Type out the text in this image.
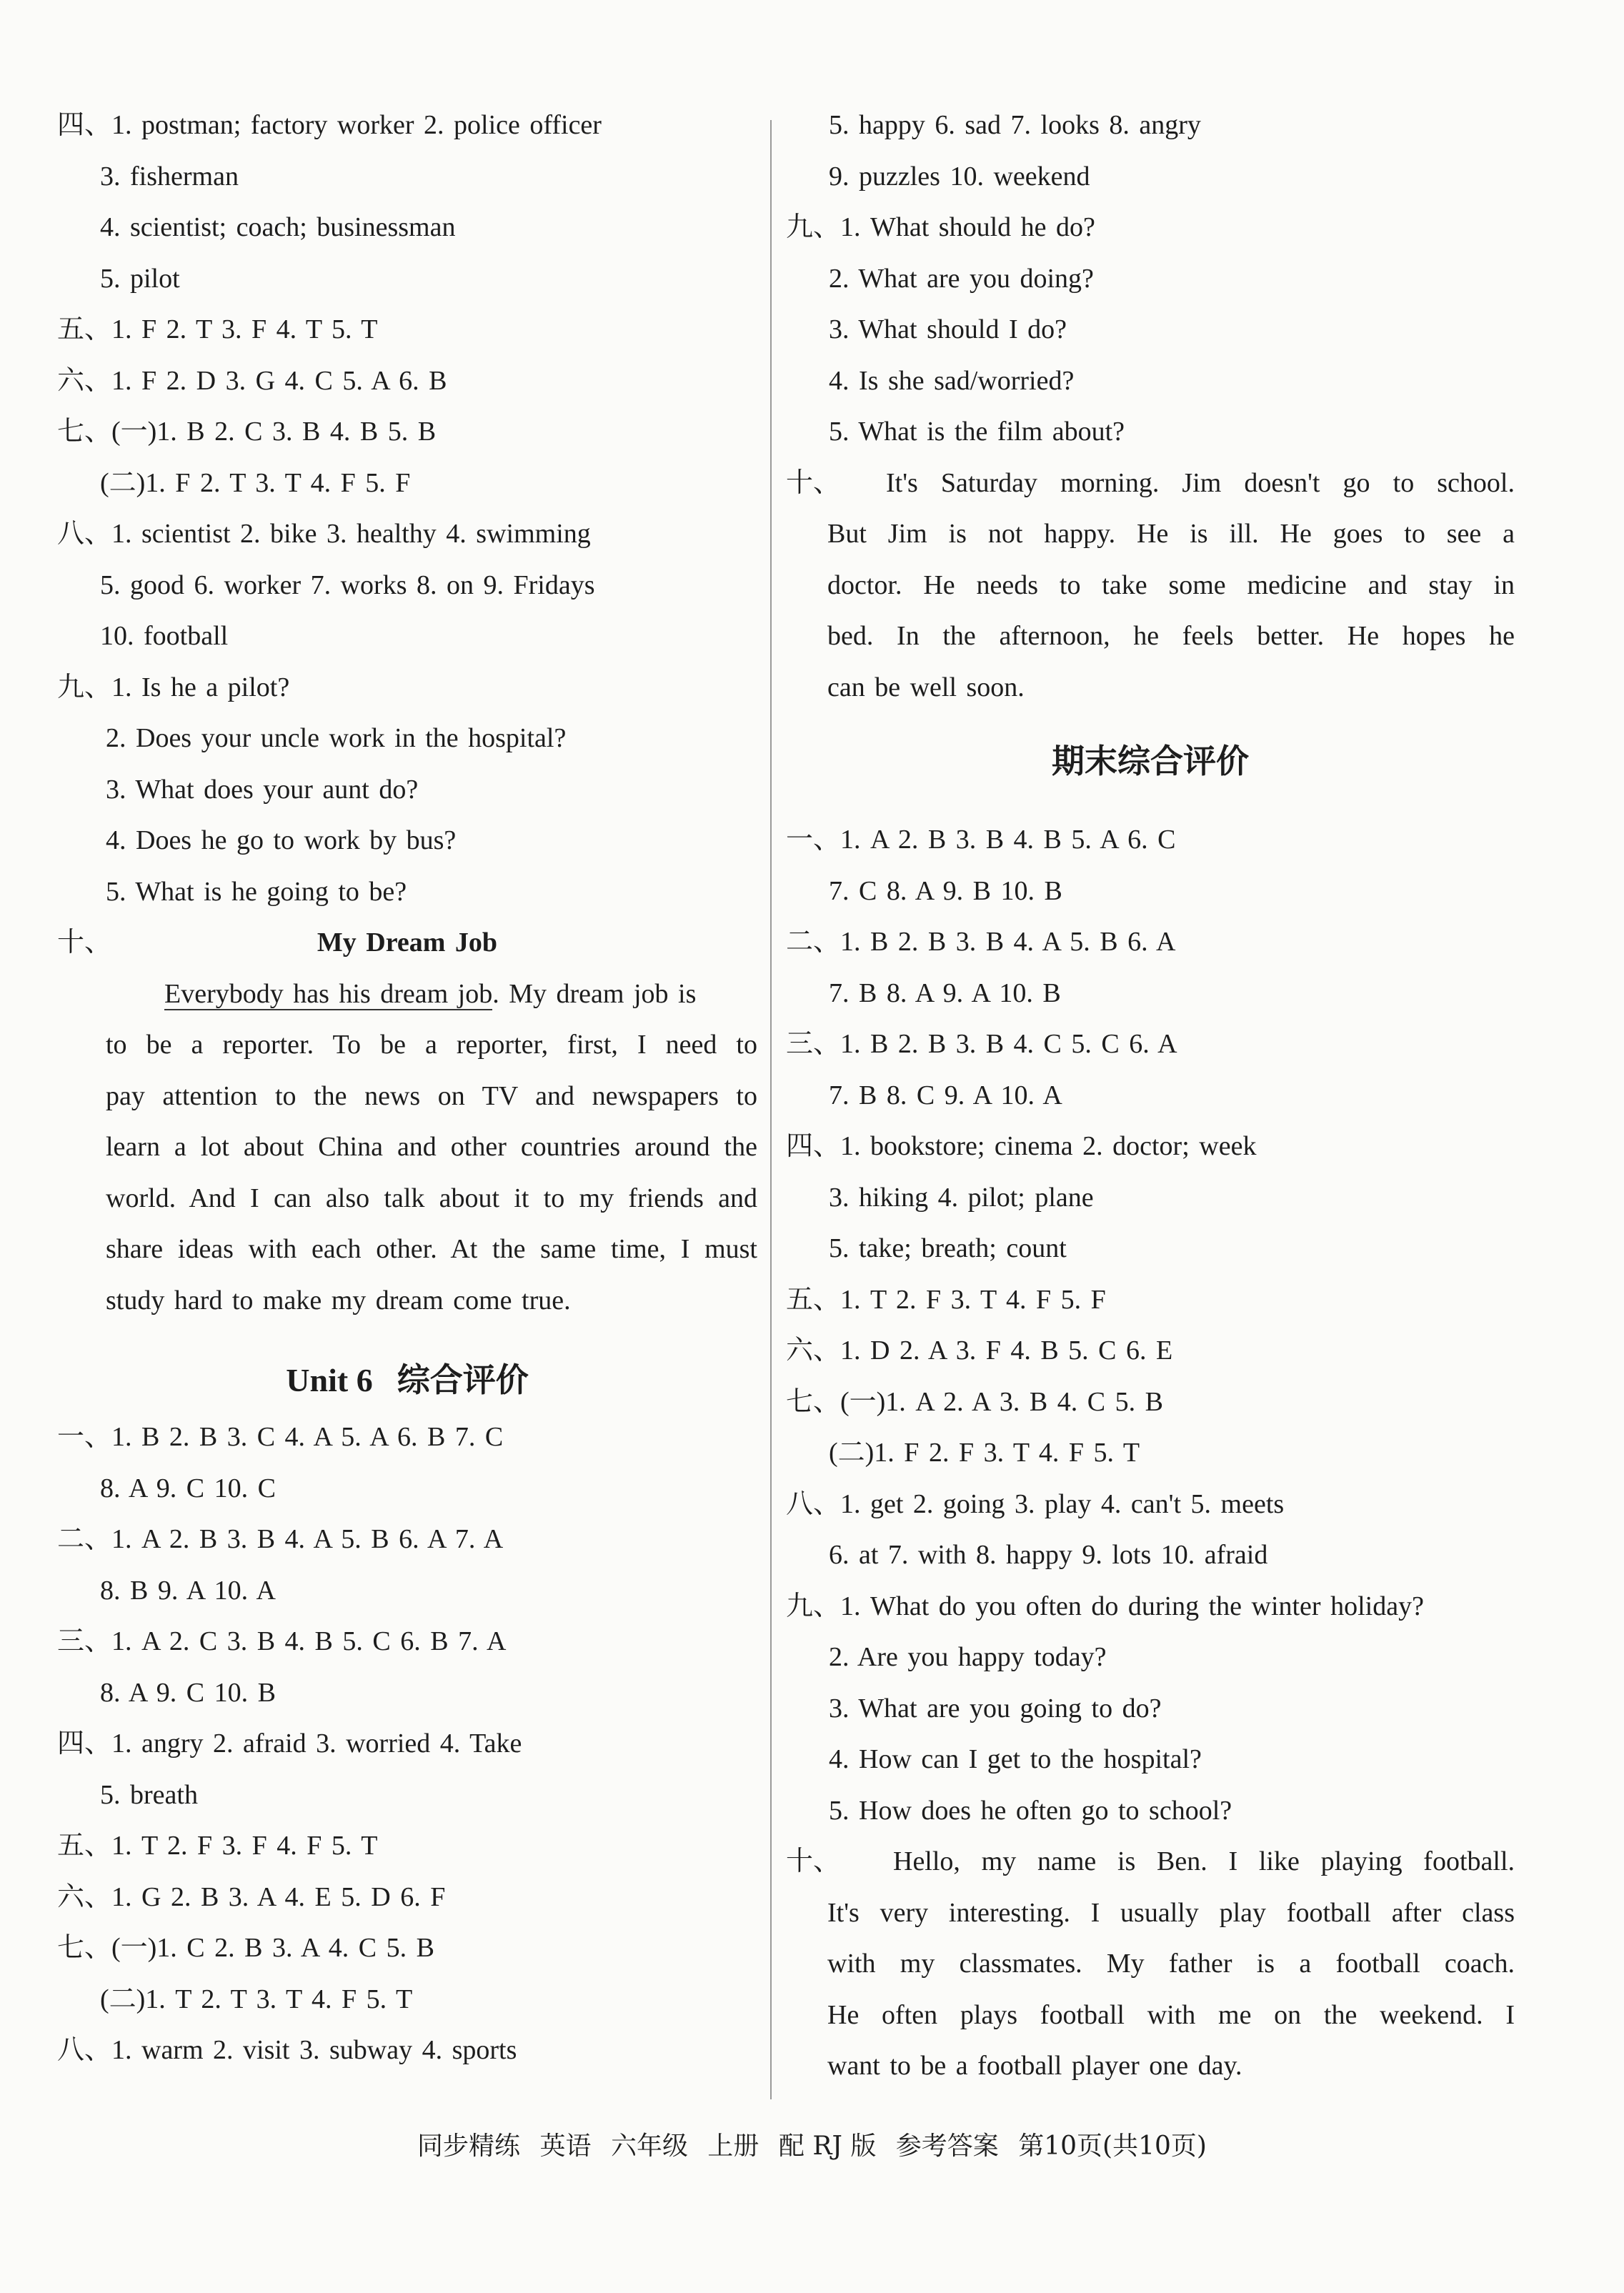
四、1. postman; factory worker 2. police officer
3. fisherman
4. scientist; coach; businessman
5. pilot
五、1. F 2. T 3. F 4. T 5. T
六、1. F 2. D 3. G 4. C 5. A 6. B
七、(一)1. B 2. C 3. B 4. B 5. B
(二)1. F 2. T 3. T 4. F 5. F
八、1. scientist 2. bike 3. healthy 4. swimming
5. good 6. worker 7. works 8. on 9. Fridays
10. football
九、1. Is he a pilot?
2. Does your uncle work in the hospital?
3. What does your aunt do?
4. Does he go to work by bus?
5. What is he going to be?
十、	My Dream Job
Everybody has his dream job. My dream job is
to be a reporter. To be a reporter, first, I need to
pay attention to the news on TV and newspapers to
learn a lot about China and other countries around the
world. And I can also talk about it to my friends and
share ideas with each other. At the same time, I must
study hard to make my dream come true.
Unit 6 综合评价
一、1. B 2. B 3. C 4. A 5. A 6. B 7. C
8. A 9. C 10. C
二、1. A 2. B 3. B 4. A 5. B 6. A 7. A
8. B 9. A 10. A
三、1. A 2. C 3. B 4. B 5. C 6. B 7. A
8. A 9. C 10. B
四、1. angry 2. afraid 3. worried 4. Take
5. breath
五、1. T 2. F 3. F 4. F 5. T
六、1. G 2. B 3. A 4. E 5. D 6. F
七、(一)1. C 2. B 3. A 4. C 5. B
(二)1. T 2. T 3. T 4. F 5. T
八、1. warm 2. visit 3. subway 4. sports
5. happy 6. sad 7. looks 8. angry
9. puzzles 10. weekend
九、1. What should he do?
2. What are you doing?
3. What should I do?
4. Is she sad/worried?
5. What is the film about?
十、	It's Saturday morning. Jim doesn't go to school.
But Jim is not happy. He is ill. He goes to see a
doctor. He needs to take some medicine and stay in
bed. In the afternoon, he feels better. He hopes he
can be well soon.
期末综合评价
一、1. A 2. B 3. B 4. B 5. A 6. C
7. C 8. A 9. B 10. B
二、1. B 2. B 3. B 4. A 5. B 6. A
7. B 8. A 9. A 10. B
三、1. B 2. B 3. B 4. C 5. C 6. A
7. B 8. C 9. A 10. A
四、1. bookstore; cinema 2. doctor; week
3. hiking 4. pilot; plane
5. take; breath; count
五、1. T 2. F 3. T 4. F 5. F
六、1. D 2. A 3. F 4. B 5. C 6. E
七、(一)1. A 2. A 3. B 4. C 5. B
(二)1. F 2. F 3. T 4. F 5. T
八、1. get 2. going 3. play 4. can't 5. meets
6. at 7. with 8. happy 9. lots 10. afraid
九、1. What do you often do during the winter holiday?
2. Are you happy today?
3. What are you going to do?
4. How can I get to the hospital?
5. How does he often go to school?
十、	Hello, my name is Ben. I like playing football.
It's very interesting. I usually play football after class
with my classmates. My father is a football coach.
He often plays football with me on the weekend. I
want to be a football player one day.
同步精练 英语 六年级 上册 配 RJ 版 参考答案 第10页(共10页)
